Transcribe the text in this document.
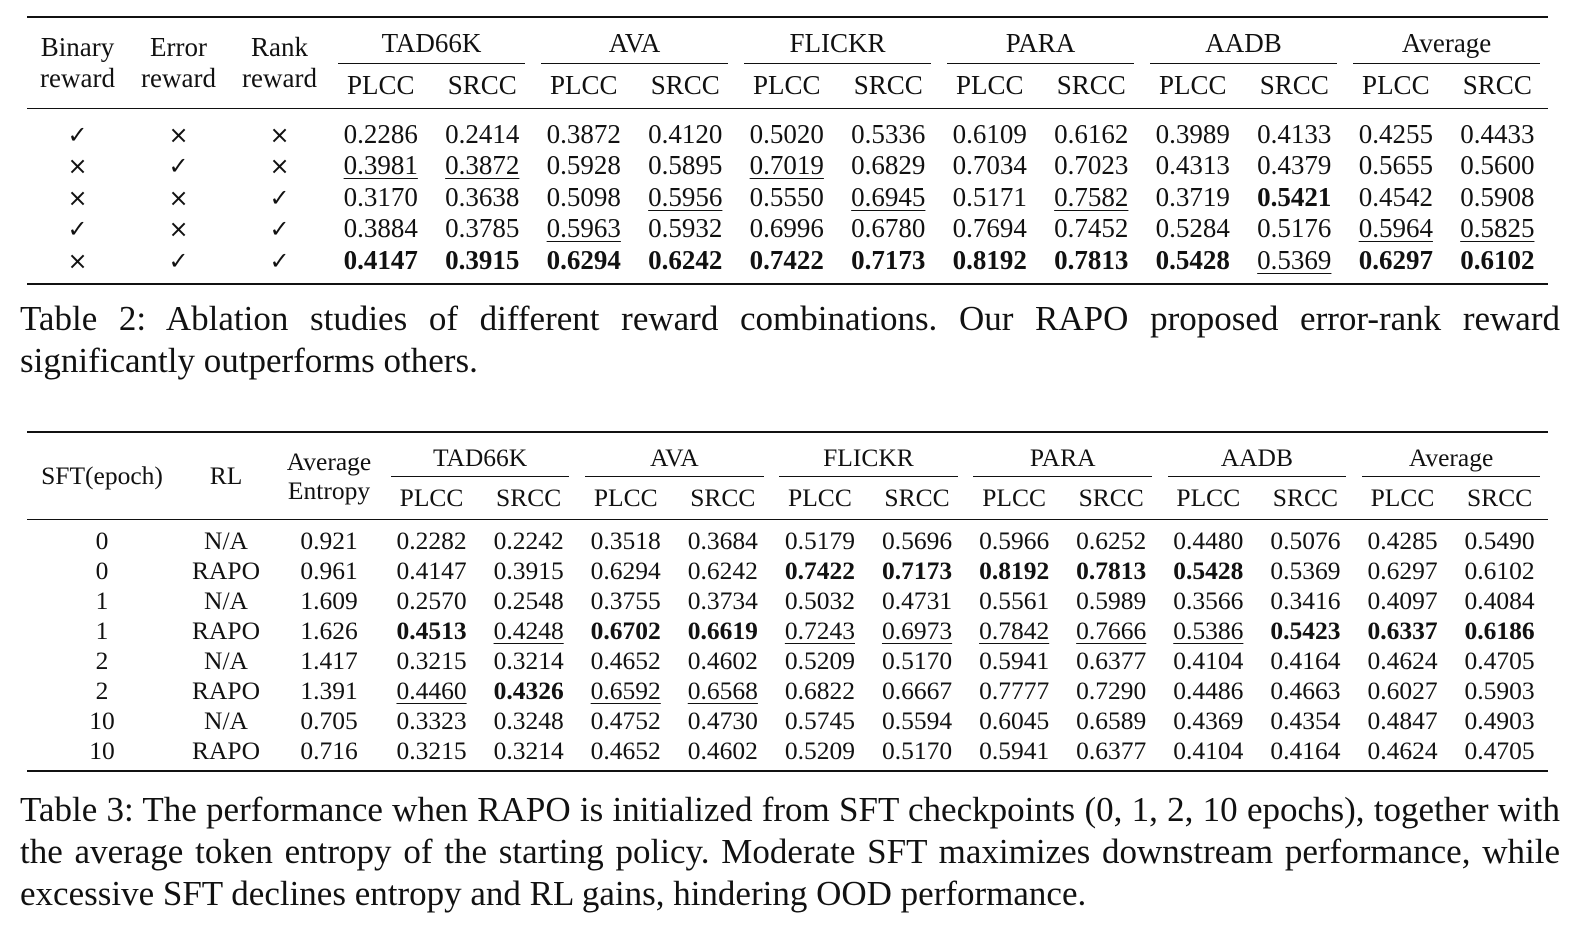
Binary reward	Error reward	Rank reward	TAD66K		AVA		FLICKR		PARA		AADB		Average	
			PLCC	SRCC	PLCC	SRCC	PLCC	SRCC	PLCC	SRCC	PLCC	SRCC	PLCC	SRCC
✓	×	×	0.2286	0.2414	0.3872	0.4120	0.5020	0.5336	0.6109	0.6162	0.3989	0.4133	0.4255	0.4433
×	✓	×	0.3981	0.3872	0.5928	0.5895	0.7019	0.6829	0.7034	0.7023	0.4313	0.4379	0.5655	0.5600
×	×	✓	0.3170	0.3638	0.5098	0.5956	0.5550	0.6945	0.5171	0.7582	0.3719	0.5421	0.4542	0.5908
✓	×	✓	0.3884	0.3785	0.5963	0.5932	0.6996	0.6780	0.7694	0.7452	0.5284	0.5176	0.5964	0.5825
×	✓	✓	0.4147	0.3915	0.6294	0.6242	0.7422	0.7173	0.8192	0.7813	0.5428	0.5369	0.6297	0.6102

Table 2: Ablation studies of different reward combinations. Our RAPO proposed error-rank reward significantly outperforms others.

SFT(epoch)	RL	Average Entropy	TAD66K		AVA		FLICKR		PARA		AADB		Average	
			PLCC	SRCC	PLCC	SRCC	PLCC	SRCC	PLCC	SRCC	PLCC	SRCC	PLCC	SRCC
0	N/A	0.921	0.2282	0.2242	0.3518	0.3684	0.5179	0.5696	0.5966	0.6252	0.4480	0.5076	0.4285	0.5490
0	RAPO	0.961	0.4147	0.3915	0.6294	0.6242	0.7422	0.7173	0.8192	0.7813	0.5428	0.5369	0.6297	0.6102
1	N/A	1.609	0.2570	0.2548	0.3755	0.3734	0.5032	0.4731	0.5561	0.5989	0.3566	0.3416	0.4097	0.4084
1	RAPO	1.626	0.4513	0.4248	0.6702	0.6619	0.7243	0.6973	0.7842	0.7666	0.5386	0.5423	0.6337	0.6186
2	N/A	1.417	0.3215	0.3214	0.4652	0.4602	0.5209	0.5170	0.5941	0.6377	0.4104	0.4164	0.4624	0.4705
2	RAPO	1.391	0.4460	0.4326	0.6592	0.6568	0.6822	0.6667	0.7777	0.7290	0.4486	0.4663	0.6027	0.5903
10	N/A	0.705	0.3323	0.3248	0.4752	0.4730	0.5745	0.5594	0.6045	0.6589	0.4369	0.4354	0.4847	0.4903
10	RAPO	0.716	0.3215	0.3214	0.4652	0.4602	0.5209	0.5170	0.5941	0.6377	0.4104	0.4164	0.4624	0.4705

Table 3: The performance when RAPO is initialized from SFT checkpoints (0, 1, 2, 10 epochs), together with the average token entropy of the starting policy. Moderate SFT maximizes downstream performance, while excessive SFT declines entropy and RL gains, hindering OOD performance.
